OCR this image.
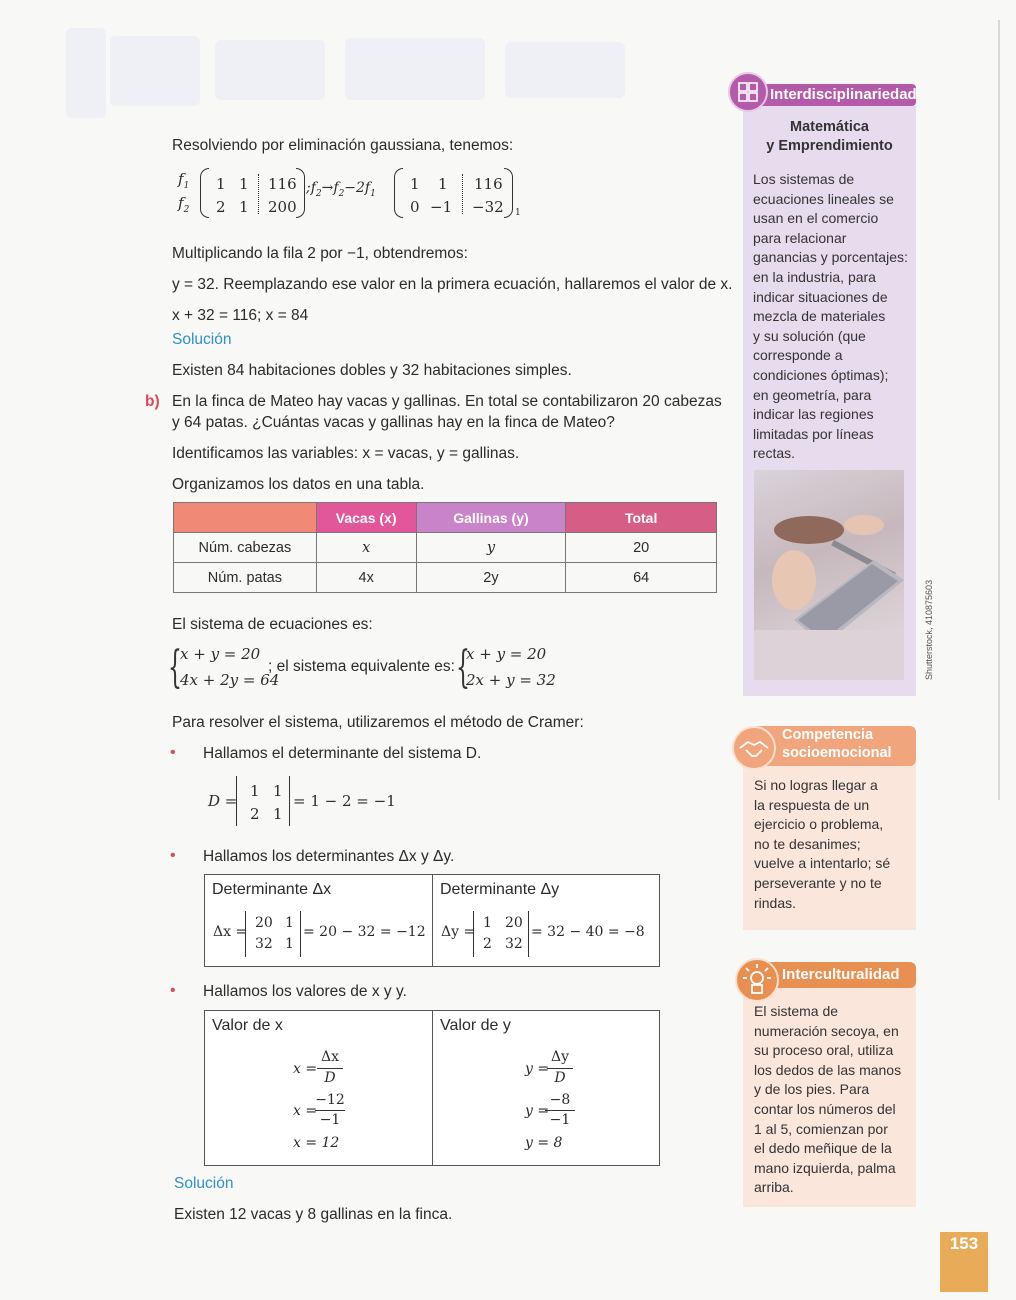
Resolviendo por eliminación gaussiana, tenemos:
$f_1$
$f_2$
1 1 116
2 1 200
$;f_2\to f_2-2f_1$
1 1 116
0 −1 −32 1
Multiplicando la fila 2 por −1, obtendremos:
y = 32. Reemplazando ese valor en la primera ecuación, hallaremos el valor de x.
x + 32 = 116; x = 84
Solución
Existen 84 habitaciones dobles y 32 habitaciones simples.
b) En la finca de Mateo hay vacas y gallinas. En total se contabilizaron 20 cabezas
y 64 patas. ¿Cuántas vacas y gallinas hay en la finca de Mateo?
Identificamos las variables: x = vacas, y = gallinas.
Organizamos los datos en una tabla.
	Vacas (x)	Gallinas (y)	Total
Núm. cabezas	x	y	20
Núm. patas	4x	2y	64
El sistema de ecuaciones es:
{
x + y = 20
4x + 2y = 64
; el sistema equivalente es: {
x + y = 20
2x + y = 32
Para resolver el sistema, utilizaremos el método de Cramer:
• Hallamos el determinante del sistema D.
D =
1 1
2 1
= 1 − 2 = −1
• Hallamos los determinantes Δx y Δy.
Determinante Δx
Δx =
20 1
32 1
= 20 − 32 = −12
Determinante Δy
Δy =
1 20
2 32
= 32 − 40 = −8
• Hallamos los valores de x y y.
Valor de x
x =
Δx
D
x =
−12
−1
x = 12
Valor de y
y =
Δy
D
y =
−8
−1
y = 8
Solución
Existen 12 vacas y 8 gallinas en la finca.
Interdisciplinariedad
Matemática
y Emprendimiento
Los sistemas de
ecuaciones lineales se
usan en el comercio
para relacionar
ganancias y porcentajes:
en la industria, para
indicar situaciones de
mezcla de materiales
y su solución (que
corresponde a
condiciones óptimas);
en geometría, para
indicar las regiones
limitadas por líneas
rectas.
Shutterstock, 410875603
Competencia
socioemocional
Si no logras llegar a
la respuesta de un
ejercicio o problema,
no te desanimes;
vuelve a intentarlo; sé
perseverante y no te
rindas.
Interculturalidad
El sistema de
numeración secoya, en
su proceso oral, utiliza
los dedos de las manos
y de los pies. Para
contar los números del
1 al 5, comienzan por
el dedo meñique de la
mano izquierda, palma
arriba.
153
